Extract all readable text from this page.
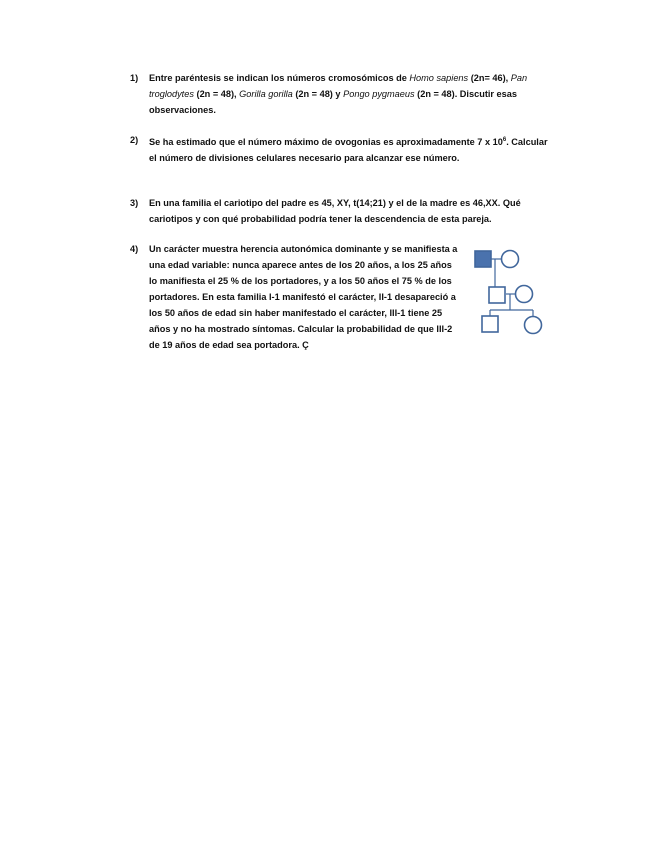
1)	Entre paréntesis se indican los números cromosómicos de Homo sapiens (2n= 46), Pan troglodytes (2n = 48), Gorilla gorilla (2n = 48) y Pongo pygmaeus (2n = 48). Discutir esas observaciones.
2)	Se ha estimado que el número máximo de ovogonias es aproximadamente 7 x $10^6$. Calcular el número de divisiones celulares necesario para alcanzar ese número.
3)	En una familia el cariotipo del padre es 45, XY, t(14;21) y el de la madre es 46,XX. Qué cariotipos y con qué probabilidad podría tener la descendencia de esta pareja.
4)	Un carácter muestra herencia autonómica dominante y se manifiesta a una edad variable: nunca aparece antes de los 20 años, a los 25 años lo manifiesta el 25 % de los portadores, y a los 50 años el 75 % de los portadores. En esta familia I-1 manifestó el carácter, II-1 desapareció a los 50 años de edad sin haber manifestado el carácter, III-1 tiene 25 años y no ha mostrado síntomas. Calcular la probabilidad de que III-2 de 19 años de edad sea portadora. Ç
